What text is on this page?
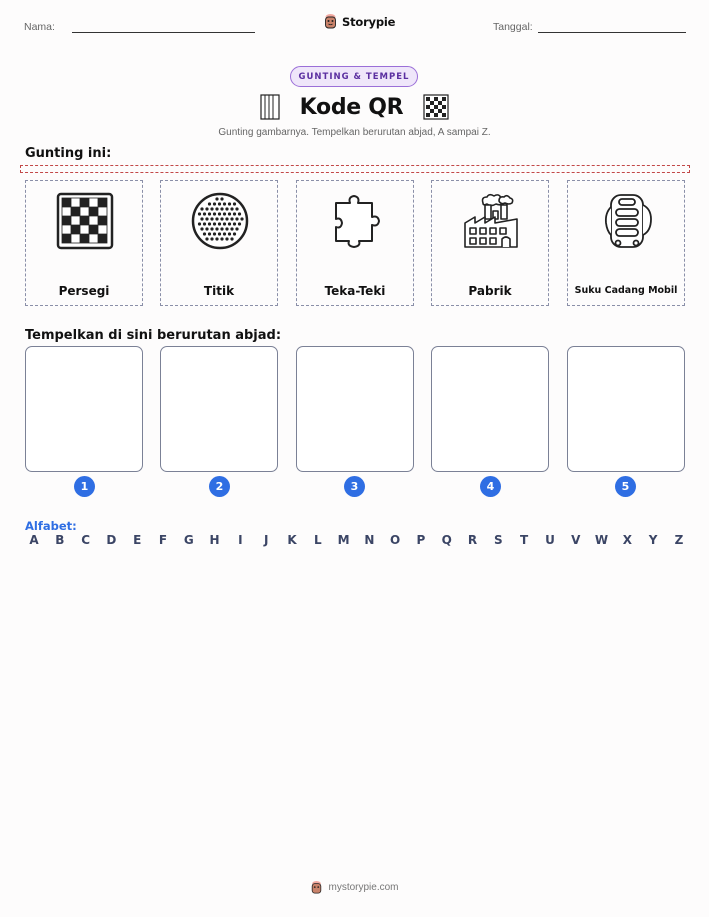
Nama:	Storypie	Tanggal:
GUNTING & TEMPEL
Kode QR
Gunting gambarnya. Tempelkan berurutan abjad, A sampai Z.
Gunting ini:
Persegi	Titik	Teka-Teki	Pabrik	Suku Cadang Mobil
Tempelkan di sini berurutan abjad:
1	2	3	4	5
Alfabet:
A	B	C	D	E	F	G	H	I	J	K	L	M	N	O	P	Q	R	S	T	U	V	W	X	Y	Z
mystorypie.com
